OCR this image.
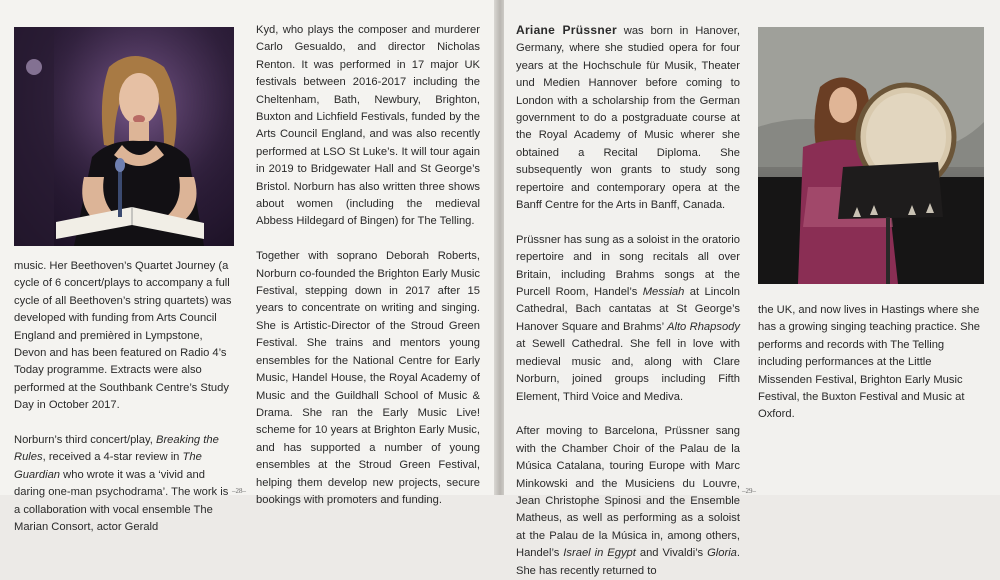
music. Her Beethoven’s Quartet Journey (a cycle of 6 concert/plays to accompany a full cycle of all Beethoven’s string quartets) was developed with funding from Arts Council England and premièred in Lympstone, Devon and has been featured on Radio 4’s Today programme. Extracts were also performed at the Southbank Centre’s Study Day in October 2017.

Norburn’s third concert/play, Breaking the Rules, received a 4-star review in The Guardian who wrote it was a ‘vivid and daring one-man psychodrama’. The work is a collaboration with vocal ensemble The Marian Consort, actor Gerald

Kyd, who plays the composer and murderer Carlo Gesualdo, and director Nicholas Renton. It was performed in 17 major UK festivals between 2016-2017 including the Cheltenham, Bath, Newbury, Brighton, Buxton and Lichfield Festivals, funded by the Arts Council England, and was also recently performed at LSO St Luke’s. It will tour again in 2019 to Bridgewater Hall and St George’s Bristol. Norburn has also written three shows about women (including the medieval Abbess Hildegard of Bingen) for The Telling.

Together with soprano Deborah Roberts, Norburn co-founded the Brighton Early Music Festival, stepping down in 2017 after 15 years to concentrate on writing and singing. She is Artistic-Director of the Stroud Green Festival. She trains and mentors young ensembles for the National Centre for Early Music, Handel House, the Royal Academy of Music and the Guildhall School of Music & Drama. She ran the Early Music Live! scheme for 10 years at Brighton Early Music, and has supported a number of young ensembles at the Stroud Green Festival, helping them develop new projects, secure bookings with promoters and funding.

–28–

Ariane Prüssner was born in Hanover, Germany, where she studied opera for four years at the Hochschule für Musik, Theater und Medien Hannover before coming to London with a scholarship from the German government to do a postgraduate course at the Royal Academy of Music wherer she obtained a Recital Diploma. She subsequently won grants to study song repertoire and contemporary opera at the Banff Centre for the Arts in Banff, Canada.

Prüssner has sung as a soloist in the oratorio repertoire and in song recitals all over Britain, including Brahms songs at the Purcell Room, Handel’s Messiah at Lincoln Cathedral, Bach cantatas at St George’s Hanover Square and Brahms’ Alto Rhapsody at Sewell Cathedral. She fell in love with medieval music and, along with Clare Norburn, joined groups including Fifth Element, Third Voice and Mediva.

After moving to Barcelona, Prüssner sang with the Chamber Choir of the Palau de la Música Catalana, touring Europe with Marc Minkowski and the Musiciens du Louvre, Jean Christophe Spinosi and the Ensemble Matheus, as well as performing as a soloist at the Palau de la Música in, among others, Handel’s Israel in Egypt and Vivaldi’s Gloria. She has recently returned to

the UK, and now lives in Hastings where she has a growing singing teaching practice. She performs and records with The Telling including performances at the Little Missenden Festival, Brighton Early Music Festival, the Buxton Festival and Music at Oxford.

–29–
